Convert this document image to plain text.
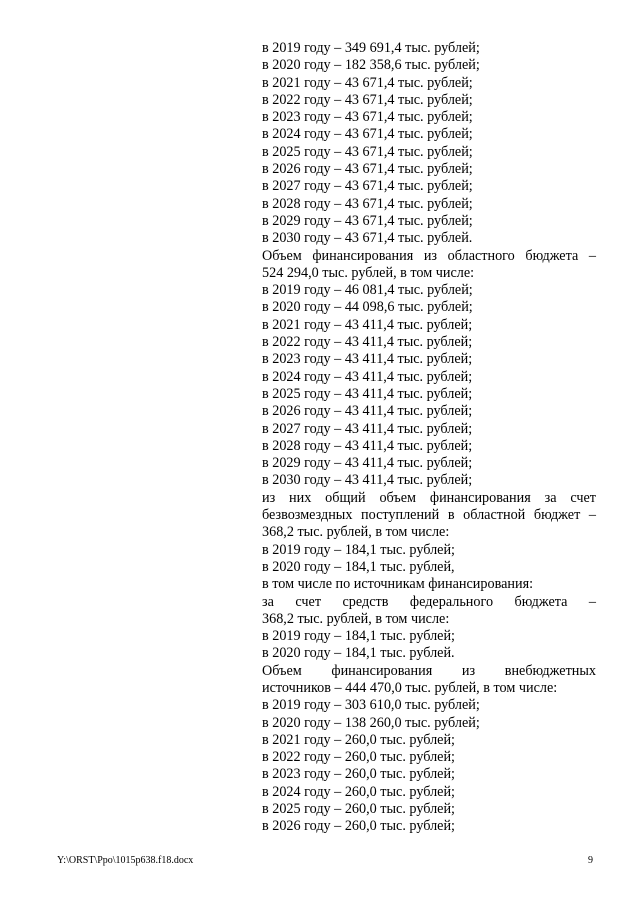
в 2019 году – 349 691,4 тыс. рублей;
в 2020 году – 182 358,6 тыс. рублей;
в 2021 году – 43 671,4 тыс. рублей;
в 2022 году – 43 671,4 тыс. рублей;
в 2023 году – 43 671,4 тыс. рублей;
в 2024 году – 43 671,4 тыс. рублей;
в 2025 году – 43 671,4 тыс. рублей;
в 2026 году – 43 671,4 тыс. рублей;
в 2027 году – 43 671,4 тыс. рублей;
в 2028 году – 43 671,4 тыс. рублей;
в 2029 году – 43 671,4 тыс. рублей;
в 2030 году – 43 671,4 тыс. рублей.
Объем финансирования из областного бюджета –
524 294,0 тыс. рублей, в том числе:
в 2019 году – 46 081,4 тыс. рублей;
в 2020 году – 44 098,6 тыс. рублей;
в 2021 году – 43 411,4 тыс. рублей;
в 2022 году – 43 411,4 тыс. рублей;
в 2023 году – 43 411,4 тыс. рублей;
в 2024 году – 43 411,4 тыс. рублей;
в 2025 году – 43 411,4 тыс. рублей;
в 2026 году – 43 411,4 тыс. рублей;
в 2027 году – 43 411,4 тыс. рублей;
в 2028 году – 43 411,4 тыс. рублей;
в 2029 году – 43 411,4 тыс. рублей;
в 2030 году – 43 411,4 тыс. рублей;
из них общий объем финансирования за счет
безвозмездных поступлений в областной бюджет –
368,2 тыс. рублей, в том числе:
в 2019 году – 184,1 тыс. рублей;
в 2020 году – 184,1 тыс. рублей,
в том числе по источникам финансирования:
за счет средств федерального бюджета –
368,2 тыс. рублей, в том числе:
в 2019 году – 184,1 тыс. рублей;
в 2020 году – 184,1 тыс. рублей.
Объем финансирования из внебюджетных
источников – 444 470,0 тыс. рублей, в том числе:
в 2019 году – 303 610,0 тыс. рублей;
в 2020 году – 138 260,0 тыс. рублей;
в 2021 году – 260,0 тыс. рублей;
в 2022 году – 260,0 тыс. рублей;
в 2023 году – 260,0 тыс. рублей;
в 2024 году – 260,0 тыс. рублей;
в 2025 году – 260,0 тыс. рублей;
в 2026 году – 260,0 тыс. рублей;
Y:\ORST\Ppo\1015p638.f18.docx	9
